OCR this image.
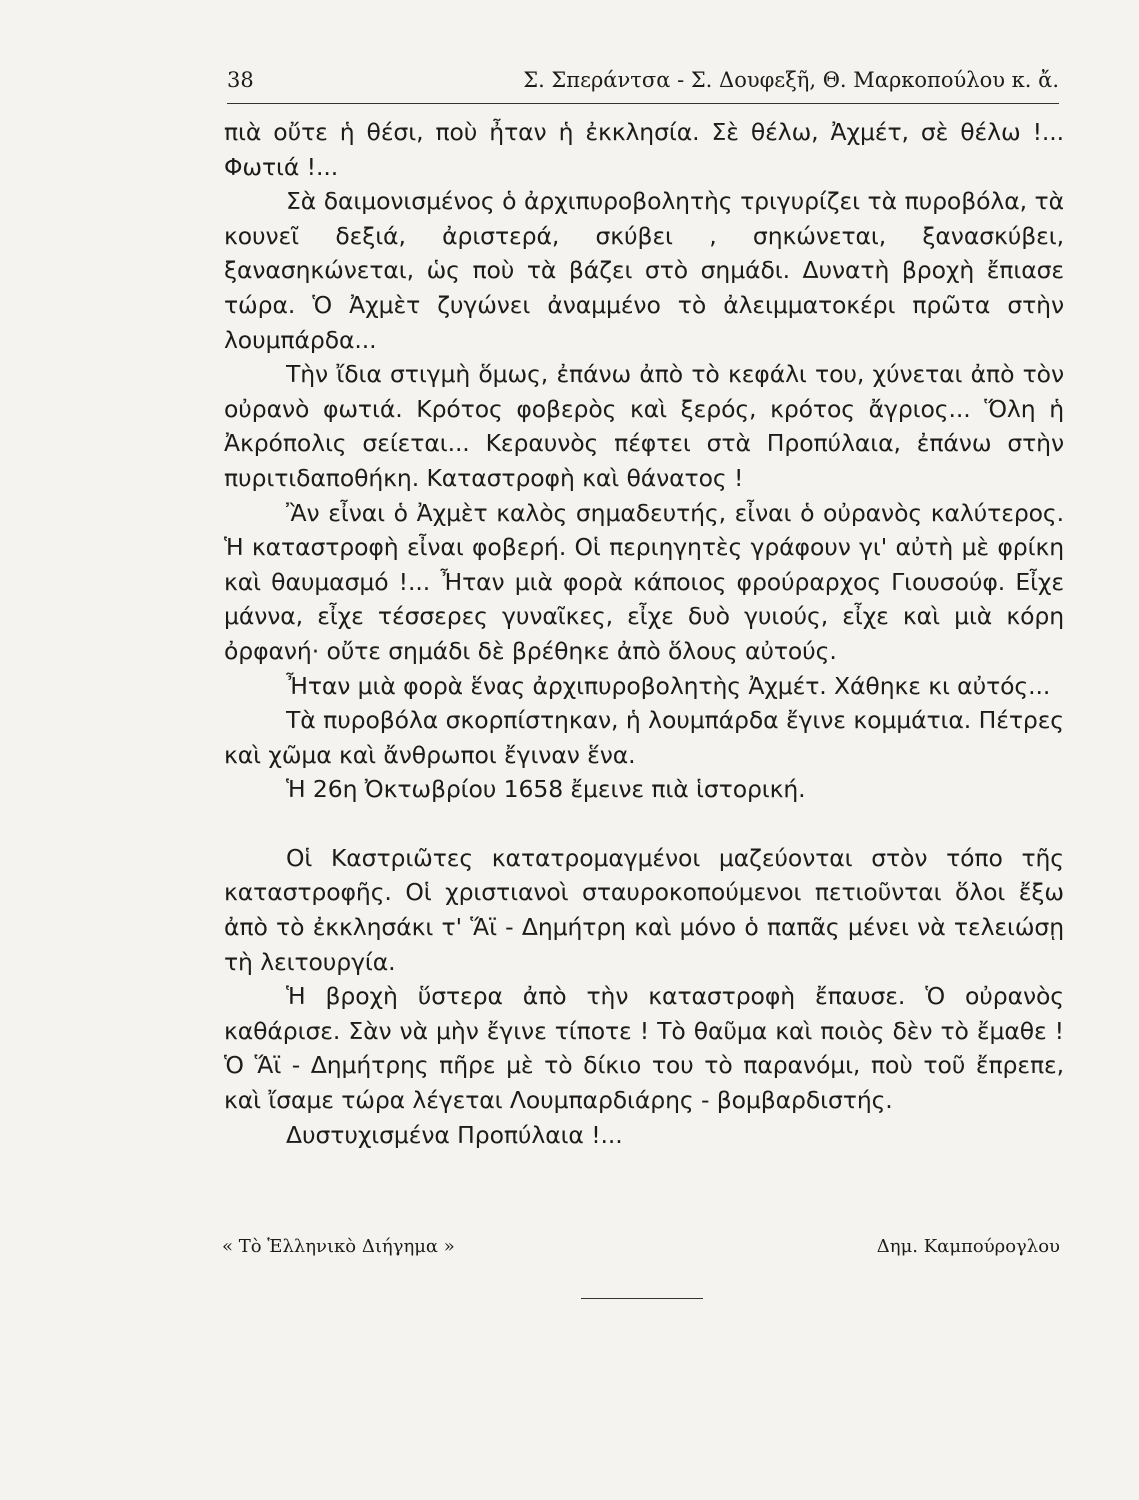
38	Σ. Σπεράντσα - Σ. Δουφεξῆ, Θ. Μαρκοπούλου κ. ἄ.

πιὰ οὔτε ἡ θέσι, ποὺ ἦταν ἡ ἐκκλησία. Σὲ θέλω, Ἀχμέτ, σὲ θέλω !... Φωτιά !...

Σὰ δαιμονισμένος ὁ ἀρχιπυροβολητὴς τριγυρίζει τὰ πυροβόλα, τὰ κουνεῖ δεξιά, ἀριστερά, σκύβει , σηκώνεται, ξανασκύβει, ξανασηκώνεται, ὡς ποὺ τὰ βάζει στὸ σημάδι. Δυνατὴ βροχὴ ἔπιασε τώρα. Ὁ Ἀχμὲτ ζυγώνει ἀναμμένο τὸ ἀλειμματοκέρι πρῶτα στὴν λουμπάρδα...

Τὴν ἴδια στιγμὴ ὅμως, ἐπάνω ἀπὸ τὸ κεφάλι του, χύνεται ἀπὸ τὸν οὐρανὸ φωτιά. Κρότος φοβερὸς καὶ ξερός, κρότος ἄγριος... Ὅλη ἡ Ἀκρόπολις σείεται... Κεραυνὸς πέφτει στὰ Προπύλαια, ἐπάνω στὴν πυριτιδαποθήκη. Καταστροφὴ καὶ θάνατος !

Ἂν εἶναι ὁ Ἀχμὲτ καλὸς σημαδευτής, εἶναι ὁ οὐρανὸς καλύτερος. Ἡ καταστροφὴ εἶναι φοβερή. Οἱ περιηγητὲς γράφουν γι' αὐτὴ μὲ φρίκη καὶ θαυμασμό !... Ἦταν μιὰ φορὰ κάποιος φρούραρχος Γιουσούφ. Εἶχε μάννα, εἶχε τέσσερες γυναῖκες, εἶχε δυὸ γυιούς, εἶχε καὶ μιὰ κόρη ὀρφανή· οὔτε σημάδι δὲ βρέθηκε ἀπὸ ὅλους αὐτούς.

Ἦταν μιὰ φορὰ ἕνας ἀρχιπυροβολητὴς Ἀχμέτ. Χάθηκε κι αὐτός...

Τὰ πυροβόλα σκορπίστηκαν, ἡ λουμπάρδα ἔγινε κομμάτια. Πέτρες καὶ χῶμα καὶ ἄνθρωποι ἔγιναν ἕνα.

Ἡ 26η Ὀκτωβρίου 1658 ἔμεινε πιὰ ἱστορική.

Οἱ Καστριῶτες κατατρομαγμένοι μαζεύονται στὸν τόπο τῆς καταστροφῆς. Οἱ χριστιανοὶ σταυροκοπούμενοι πετιοῦνται ὅλοι ἔξω ἀπὸ τὸ ἐκκλησάκι τ' Ἅϊ - Δημήτρη καὶ μόνο ὁ παπᾶς μένει νὰ τελειώσῃ τὴ λειτουργία.

Ἡ βροχὴ ὕστερα ἀπὸ τὴν καταστροφὴ ἔπαυσε. Ὁ οὐρανὸς καθάρισε. Σὰν νὰ μὴν ἔγινε τίποτε ! Τὸ θαῦμα καὶ ποιὸς δὲν τὸ ἔμαθε ! Ὁ Ἅϊ - Δημήτρης πῆρε μὲ τὸ δίκιο του τὸ παρανόμι, ποὺ τοῦ ἔπρεπε, καὶ ἴσαμε τώρα λέγεται Λουμπαρδιάρης - βομβαρδιστής.

Δυστυχισμένα Προπύλαια !...

« Τὸ Ἑλληνικὸ Διήγημα »	Δημ. Καμπούρογλου
